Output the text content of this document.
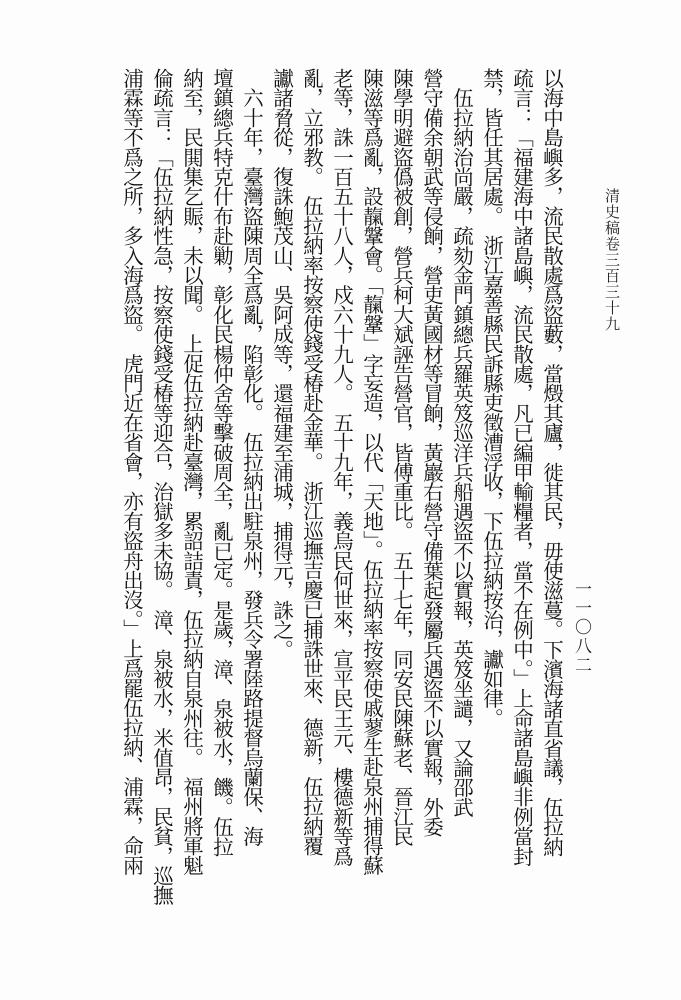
清史稿卷三百三十九
一一〇八二
以海中島嶼多，流民散處爲盜藪，當燬其廬，徙其民，毋使滋蔓。下濱海諸直省議，伍拉納
疏言：「福建海中諸島嶼，流民散處，凡已編甲輸糧者，當不在例中。」上命諸島嶼非例當封
禁，皆任其居處。　浙江嘉善縣民訴縣吏徵漕浮收，下伍拉納按治，讞如律。
　伍拉納治尚嚴，疏劾金門鎮總兵羅英笈巡洋兵船遇盜不以實報，英笈坐譴，又論邵武
營守備余朝武等侵餉，營吏黃國材等冒餉，黃巖右營守備葉起發屬兵遇盜不以實報，外委
陳學明避盜僞被創，營兵柯大斌誣告營官，皆傅重比。　五十七年，同安民陳蘇老、晉江民
陳滋等爲亂，設靝鞶會。「靝鞶」字妄造，以代「天地」。伍拉納率按察使戚蓼生赴泉州捕得蘇
老等，誅一百五十八人，戍六十九人。　五十九年，義烏民何世來，宣平民王元、樓德新等爲
亂，立邪教。　伍拉納率按察使錢受椿赴金華。　浙江巡撫吉慶已捕誅世來、德新，伍拉納覆
讞諸脅從，復誅鮑茂山、吳阿成等，還福建至浦城，捕得元，誅之。
　六十年，臺灣盜陳周全爲亂，陷彰化。　伍拉納出駐泉州，發兵令署陸路提督烏蘭保、海
壇鎮總兵特克什布赴勦，彰化民楊仲舍等擊破周全，亂已定。是歲，漳、泉被水，饑。伍拉
納至，民閧集乞賑，未以聞。　上促伍拉納赴臺灣，累詔詰責，伍拉納自泉州往。　福州將軍魁
倫疏言：「伍拉納性急，按察使錢受椿等迎合，治獄多未協。　漳、泉被水，米值昂，民貧，巡撫
浦霖等不爲之所，多入海爲盜。　虎門近在省會，亦有盜舟出沒。」上爲罷伍拉納、浦霖，命兩
